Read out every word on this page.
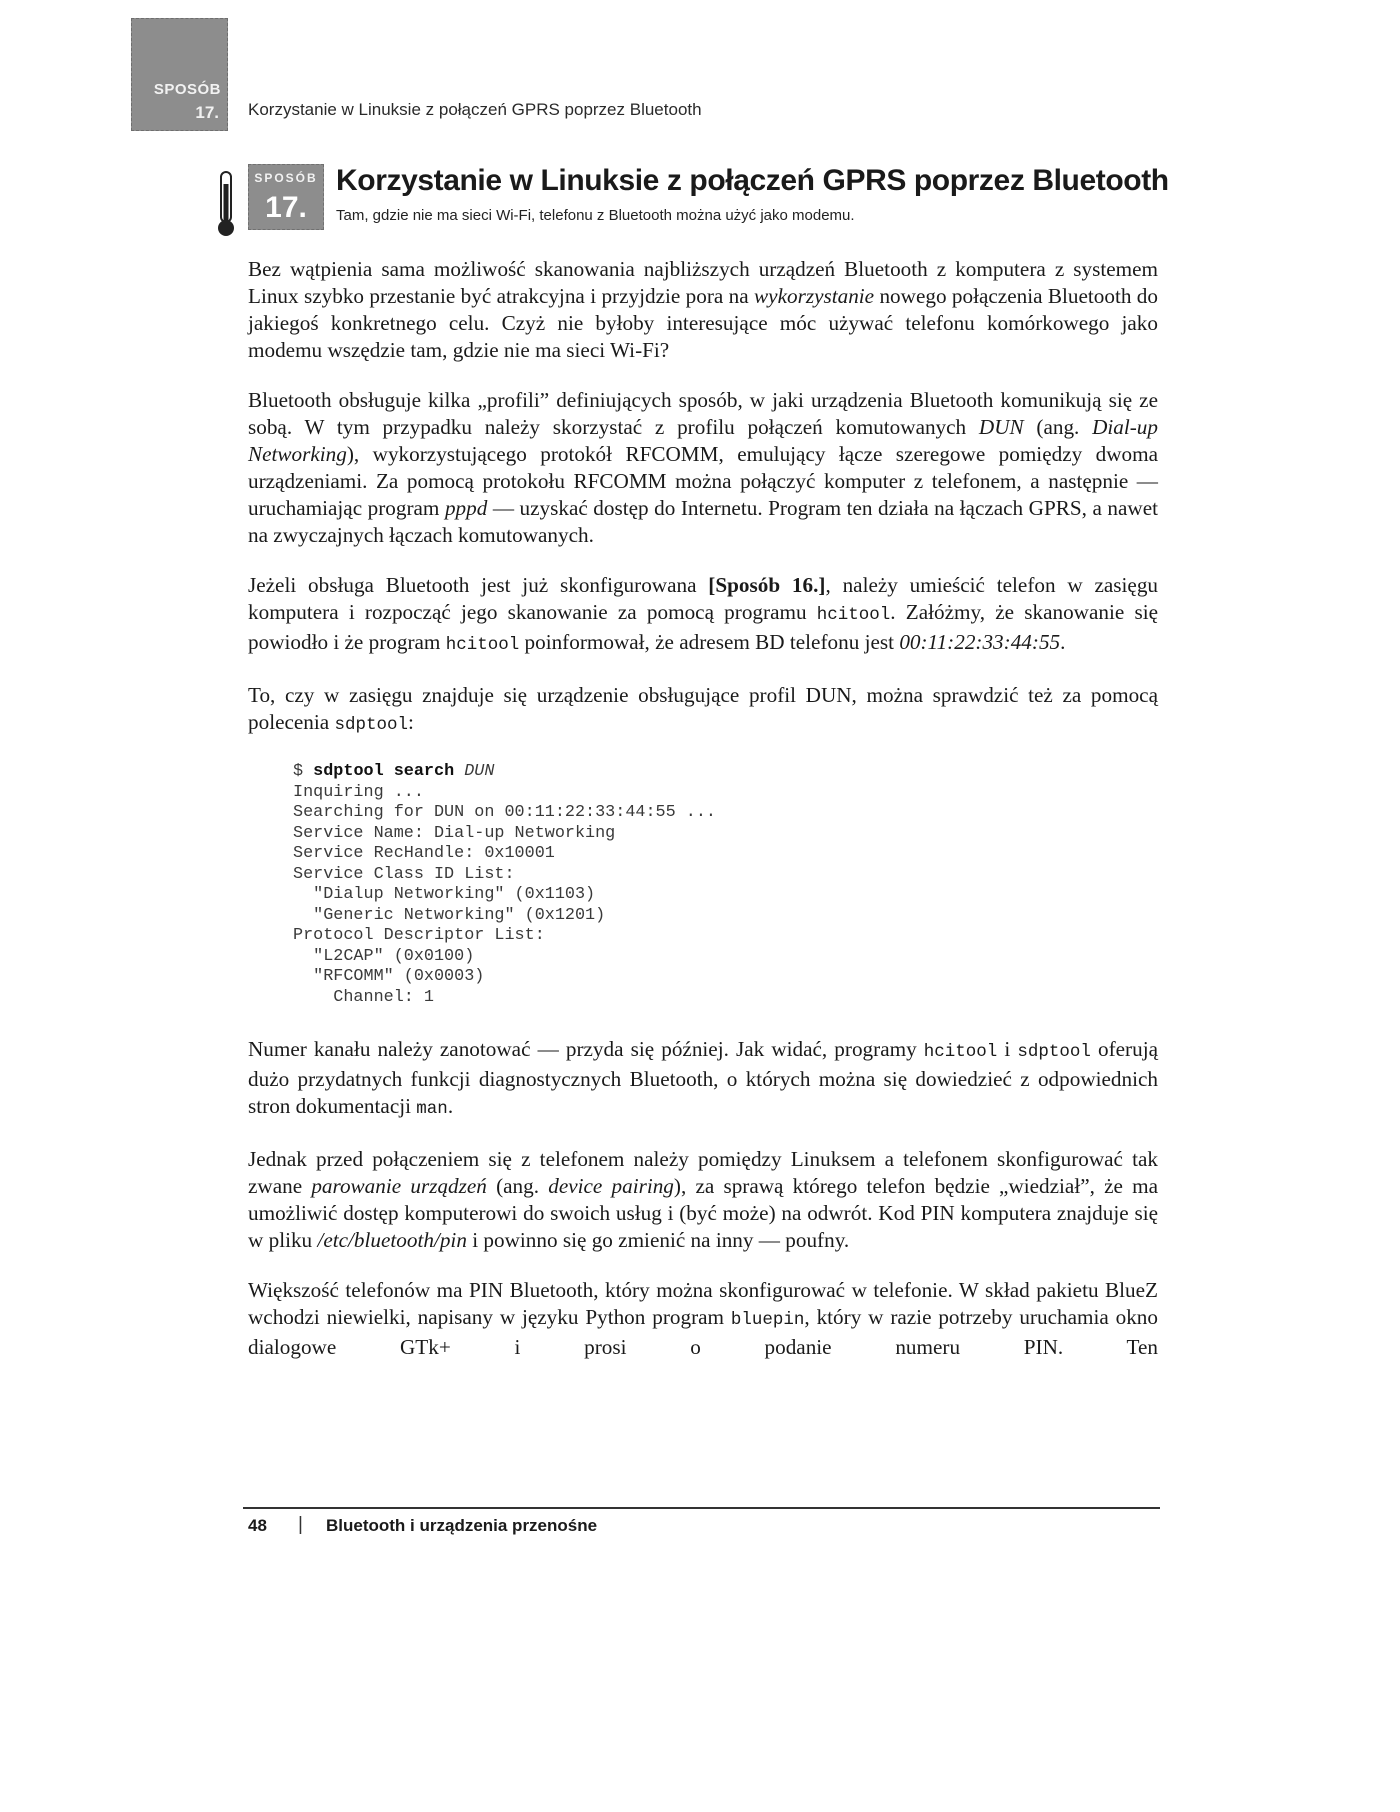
SPOSÓB
17. Korzystanie w Linuksie z połączeń GPRS poprzez Bluetooth
SPOSÓB
17.
Korzystanie w Linuksie z połączeń GPRS poprzez Bluetooth
Tam, gdzie nie ma sieci Wi-Fi, telefonu z Bluetooth można użyć jako modemu.

Bez wątpienia sama możliwość skanowania najbliższych urządzeń Bluetooth z komputera z systemem Linux szybko przestanie być atrakcyjna i przyjdzie pora na wykorzystanie nowego połączenia Bluetooth do jakiegoś konkretnego celu. Czyż nie byłoby interesujące móc używać telefonu komórkowego jako modemu wszędzie tam, gdzie nie ma sieci Wi-Fi?

Bluetooth obsługuje kilka „profili” definiujących sposób, w jaki urządzenia Bluetooth komunikują się ze sobą. W tym przypadku należy skorzystać z profilu połączeń komutowanych DUN (ang. Dial-up Networking), wykorzystującego protokół RFCOMM, emulujący łącze szeregowe pomiędzy dwoma urządzeniami. Za pomocą protokołu RFCOMM można połączyć komputer z telefonem, a następnie — uruchamiając program pppd — uzyskać dostęp do Internetu. Program ten działa na łączach GPRS, a nawet na zwyczajnych łączach komutowanych.

Jeżeli obsługa Bluetooth jest już skonfigurowana [Sposób 16.], należy umieścić telefon w zasięgu komputera i rozpocząć jego skanowanie za pomocą programu hcitool. Załóżmy, że skanowanie się powiodło i że program hcitool poinformował, że adresem BD telefonu jest 00:11:22:33:44:55.

To, czy w zasięgu znajduje się urządzenie obsługujące profil DUN, można sprawdzić też za pomocą polecenia sdptool:

$ sdptool search DUN
Inquiring ...
Searching for DUN on 00:11:22:33:44:55 ...
Service Name: Dial-up Networking
Service RecHandle: 0x10001
Service Class ID List:
"Dialup Networking" (0x1103)
"Generic Networking" (0x1201)
Protocol Descriptor List:
"L2CAP" (0x0100)
"RFCOMM" (0x0003)
Channel: 1

Numer kanału należy zanotować — przyda się później. Jak widać, programy hcitool i sdptool oferują dużo przydatnych funkcji diagnostycznych Bluetooth, o których można się dowiedzieć z odpowiednich stron dokumentacji man.

Jednak przed połączeniem się z telefonem należy pomiędzy Linuksem a telefonem skonfigurować tak zwane parowanie urządzeń (ang. device pairing), za sprawą którego telefon będzie „wiedział”, że ma umożliwić dostęp komputerowi do swoich usług i (być może) na odwrót. Kod PIN komputera znajduje się w pliku /etc/bluetooth/pin i powinno się go zmienić na inny — poufny.

Większość telefonów ma PIN Bluetooth, który można skonfigurować w telefonie. W skład pakietu BlueZ wchodzi niewielki, napisany w języku Python program bluepin, który w razie potrzeby uruchamia okno dialogowe GTk+ i prosi o podanie numeru PIN. Ten

48 | Bluetooth i urządzenia przenośne
